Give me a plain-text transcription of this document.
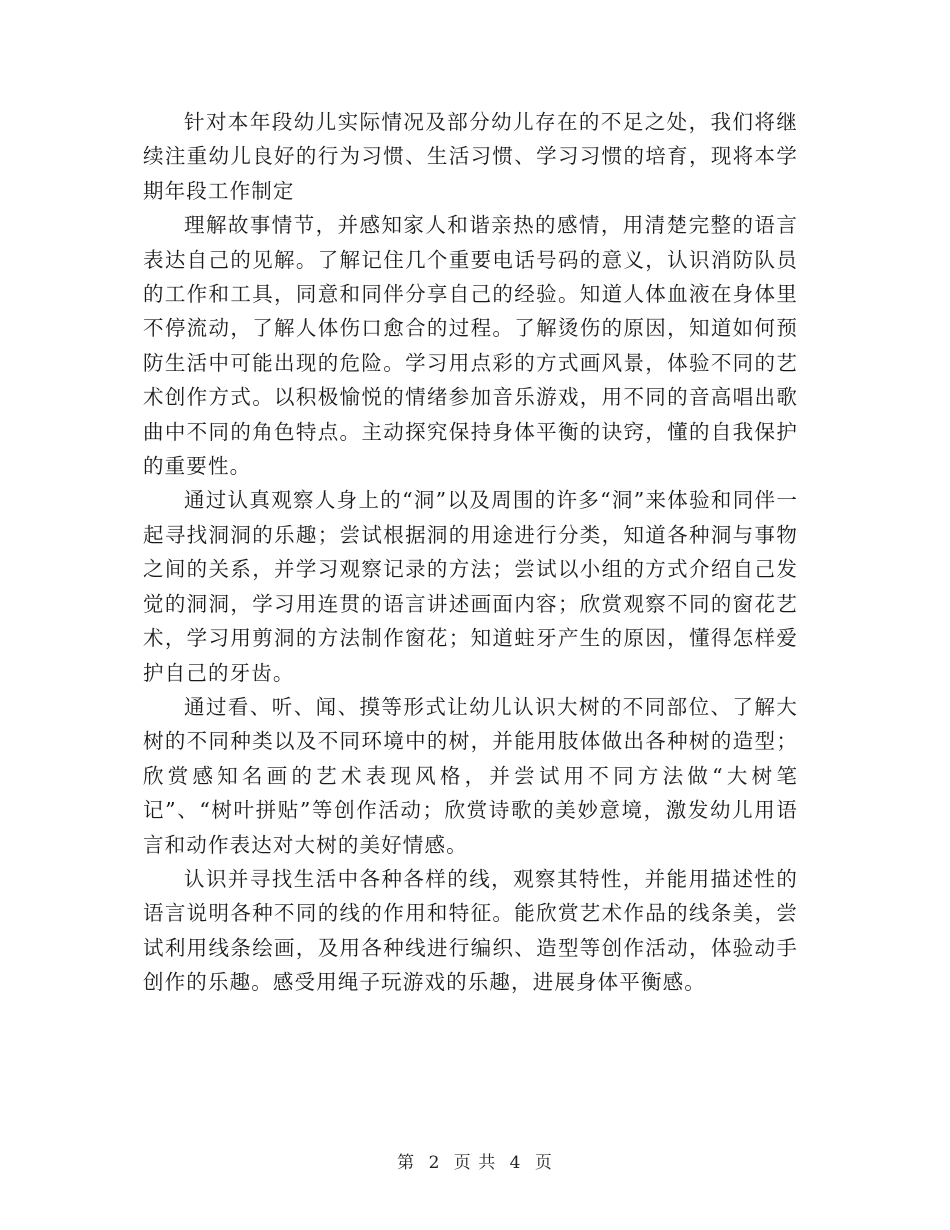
针对本年段幼儿实际情况及部分幼儿存在的不足之处，我们将继续注重幼儿良好的行为习惯、生活习惯、学习习惯的培育，现将本学期年段工作制定

理解故事情节，并感知家人和谐亲热的感情，用清楚完整的语言表达自己的见解。了解记住几个重要电话号码的意义，认识消防队员的工作和工具，同意和同伴分享自己的经验。知道人体血液在身体里不停流动，了解人体伤口愈合的过程。了解烫伤的原因，知道如何预防生活中可能出现的危险。学习用点彩的方式画风景，体验不同的艺术创作方式。以积极愉悦的情绪参加音乐游戏，用不同的音高唱出歌曲中不同的角色特点。主动探究保持身体平衡的诀窍，懂的自我保护的重要性。

通过认真观察人身上的“洞”以及周围的许多“洞”来体验和同伴一起寻找洞洞的乐趣；尝试根据洞的用途进行分类，知道各种洞与事物之间的关系，并学习观察记录的方法；尝试以小组的方式介绍自己发觉的洞洞，学习用连贯的语言讲述画面内容；欣赏观察不同的窗花艺术，学习用剪洞的方法制作窗花；知道蛀牙产生的原因，懂得怎样爱护自己的牙齿。

通过看、听、闻、摸等形式让幼儿认识大树的不同部位、了解大树的不同种类以及不同环境中的树，并能用肢体做出各种树的造型；欣赏感知名画的艺术表现风格，并尝试用不同方法做“大树笔记”、“树叶拼贴”等创作活动；欣赏诗歌的美妙意境，激发幼儿用语言和动作表达对大树的美好情感。

认识并寻找生活中各种各样的线，观察其特性，并能用描述性的语言说明各种不同的线的作用和特征。能欣赏艺术作品的线条美，尝试利用线条绘画，及用各种线进行编织、造型等创作活动，体验动手创作的乐趣。感受用绳子玩游戏的乐趣，进展身体平衡感。

第 2 页 共 4 页
